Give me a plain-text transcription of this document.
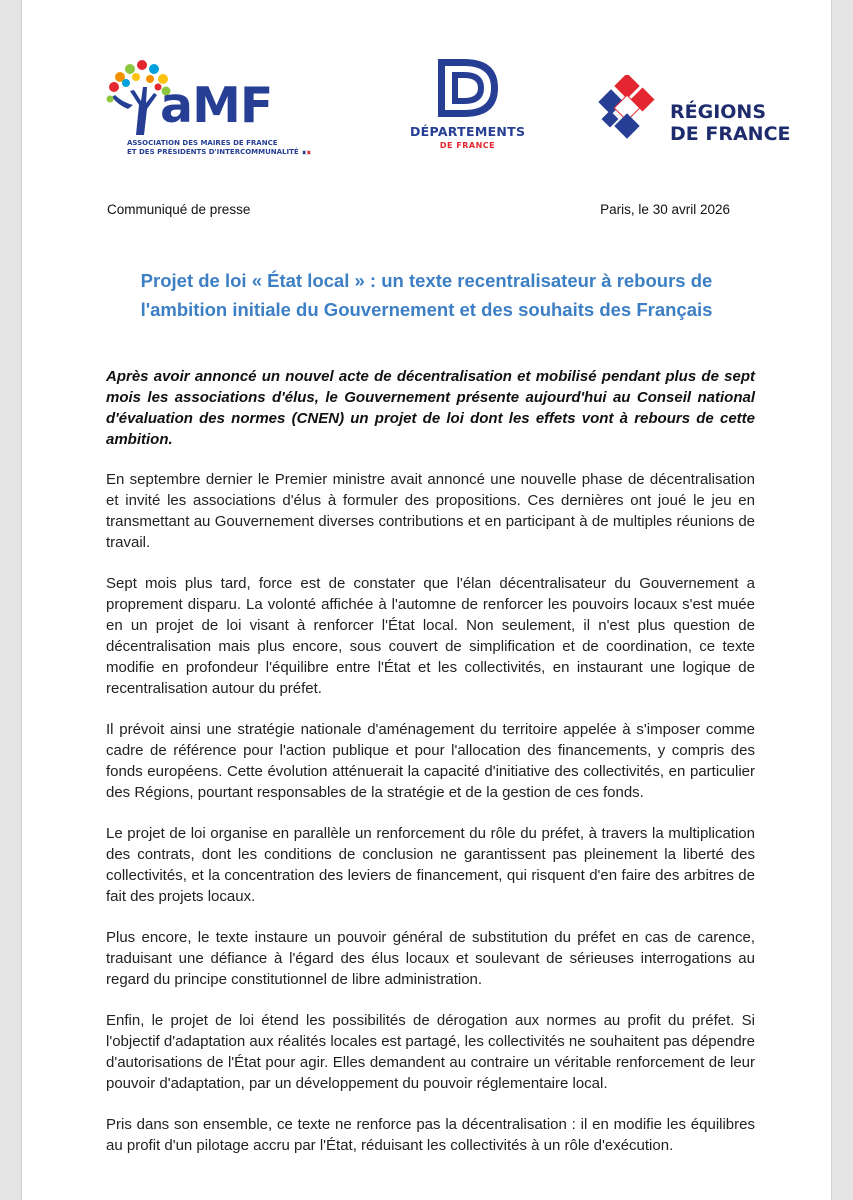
aMF
ASSOCIATION DES MAIRES DE FRANCE
ET DES PRÉSIDENTS D'INTERCOMMUNALITÉ
DÉPARTEMENTS
DE FRANCE
RÉGIONS
DE FRANCE
Communiqué de presse	Paris, le 30 avril 2026
Projet de loi « État local » : un texte recentralisateur à rebours de
l'ambition initiale du Gouvernement et des souhaits des Français

Après avoir annoncé un nouvel acte de décentralisation et mobilisé pendant plus de sept mois les associations d'élus, le Gouvernement présente aujourd'hui au Conseil national d'évaluation des normes (CNEN) un projet de loi dont les effets vont à rebours de cette ambition.

En septembre dernier le Premier ministre avait annoncé une nouvelle phase de décentralisation et invité les associations d'élus à formuler des propositions. Ces dernières ont joué le jeu en transmettant au Gouvernement diverses contributions et en participant à de multiples réunions de travail.

Sept mois plus tard, force est de constater que l'élan décentralisateur du Gouvernement a proprement disparu. La volonté affichée à l'automne de renforcer les pouvoirs locaux s'est muée en un projet de loi visant à renforcer l'État local. Non seulement, il n'est plus question de décentralisation mais plus encore, sous couvert de simplification et de coordination, ce texte modifie en profondeur l'équilibre entre l'État et les collectivités, en instaurant une logique de recentralisation autour du préfet.

Il prévoit ainsi une stratégie nationale d'aménagement du territoire appelée à s'imposer comme cadre de référence pour l'action publique et pour l'allocation des financements, y compris des fonds européens. Cette évolution atténuerait la capacité d'initiative des collectivités, en particulier des Régions, pourtant responsables de la stratégie et de la gestion de ces fonds.

Le projet de loi organise en parallèle un renforcement du rôle du préfet, à travers la multiplication des contrats, dont les conditions de conclusion ne garantissent pas pleinement la liberté des collectivités, et la concentration des leviers de financement, qui risquent d'en faire des arbitres de fait des projets locaux.

Plus encore, le texte instaure un pouvoir général de substitution du préfet en cas de carence, traduisant une défiance à l'égard des élus locaux et soulevant de sérieuses interrogations au regard du principe constitutionnel de libre administration.

Enfin, le projet de loi étend les possibilités de dérogation aux normes au profit du préfet. Si l'objectif d'adaptation aux réalités locales est partagé, les collectivités ne souhaitent pas dépendre d'autorisations de l'État pour agir. Elles demandent au contraire un véritable renforcement de leur pouvoir d'adaptation, par un développement du pouvoir réglementaire local.

Pris dans son ensemble, ce texte ne renforce pas la décentralisation : il en modifie les équilibres au profit d'un pilotage accru par l'État, réduisant les collectivités à un rôle d'exécution.
